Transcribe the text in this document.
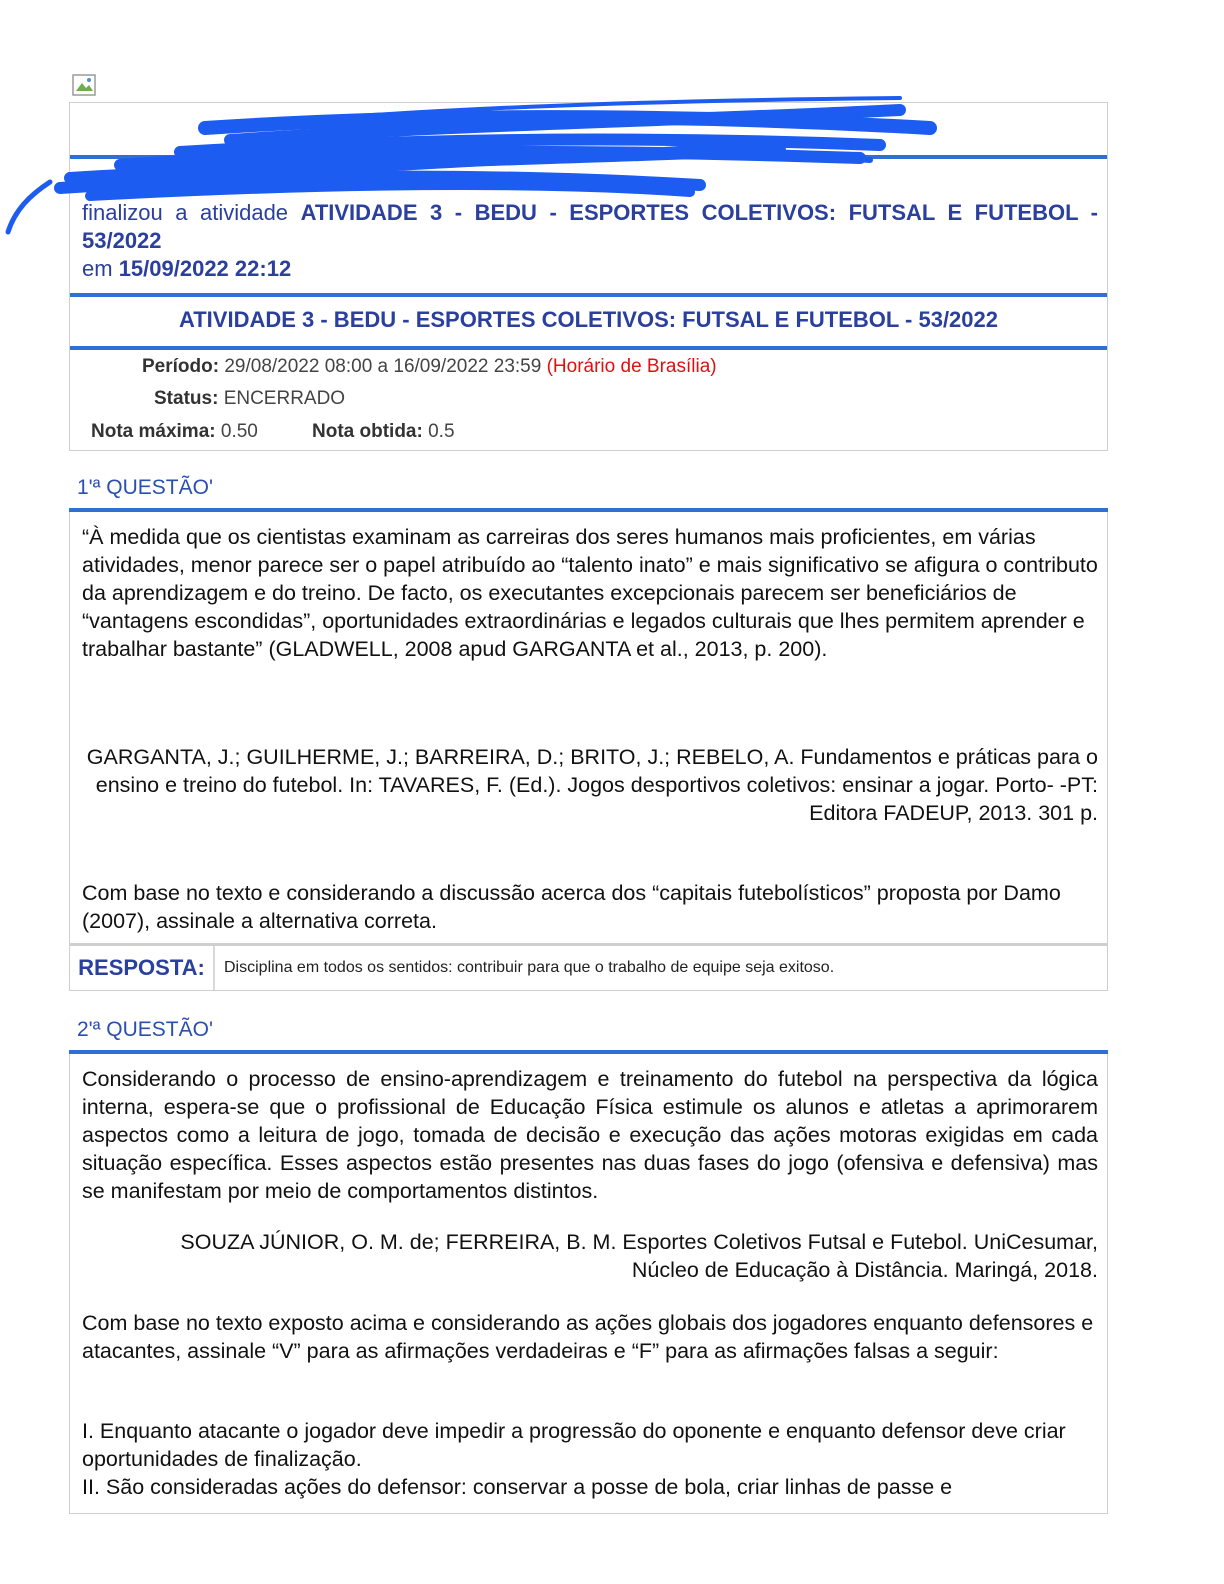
finalizou a atividade ATIVIDADE 3 - BEDU - ESPORTES COLETIVOS: FUTSAL E FUTEBOL - 53/2022
em 15/09/2022 22:12
ATIVIDADE 3 - BEDU - ESPORTES COLETIVOS: FUTSAL E FUTEBOL - 53/2022
Período: 29/08/2022 08:00 a 16/09/2022 23:59 (Horário de Brasília)
Status: ENCERRADO
Nota máxima: 0.50	Nota obtida: 0.5
1'ª QUESTÃO'

“À medida que os cientistas examinam as carreiras dos seres humanos mais proficientes, em várias atividades, menor parece ser o papel atribuído ao “talento inato” e mais significativo se afigura o contributo da aprendizagem e do treino. De facto, os executantes excepcionais parecem ser beneficiários de “vantagens escondidas”, oportunidades extraordinárias e legados culturais que lhes permitem aprender e trabalhar bastante” (GLADWELL, 2008 apud GARGANTA et al., 2013, p. 200).

GARGANTA, J.; GUILHERME, J.; BARREIRA, D.; BRITO, J.; REBELO, A. Fundamentos e práticas para o ensino e treino do futebol. In: TAVARES, F. (Ed.). Jogos desportivos coletivos: ensinar a jogar. Porto- -PT: Editora FADEUP, 2013. 301 p.

Com base no texto e considerando a discussão acerca dos “capitais futebolísticos” proposta por Damo (2007), assinale a alternativa correta.

RESPOSTA:	Disciplina em todos os sentidos: contribuir para que o trabalho de equipe seja exitoso.
2'ª QUESTÃO'

Considerando o processo de ensino-aprendizagem e treinamento do futebol na perspectiva da lógica interna, espera-se que o profissional de Educação Física estimule os alunos e atletas a aprimorarem aspectos como a leitura de jogo, tomada de decisão e execução das ações motoras exigidas em cada situação específica. Esses aspectos estão presentes nas duas fases do jogo (ofensiva e defensiva) mas se manifestam por meio de comportamentos distintos.

SOUZA JÚNIOR, O. M. de; FERREIRA, B. M. Esportes Coletivos Futsal e Futebol. UniCesumar, Núcleo de Educação à Distância. Maringá, 2018.

Com base no texto exposto acima e considerando as ações globais dos jogadores enquanto defensores e atacantes, assinale “V” para as afirmações verdadeiras e “F” para as afirmações falsas a seguir:

I. Enquanto atacante o jogador deve impedir a progressão do oponente e enquanto defensor deve criar oportunidades de finalização.

II. São consideradas ações do defensor: conservar a posse de bola, criar linhas de passe e
